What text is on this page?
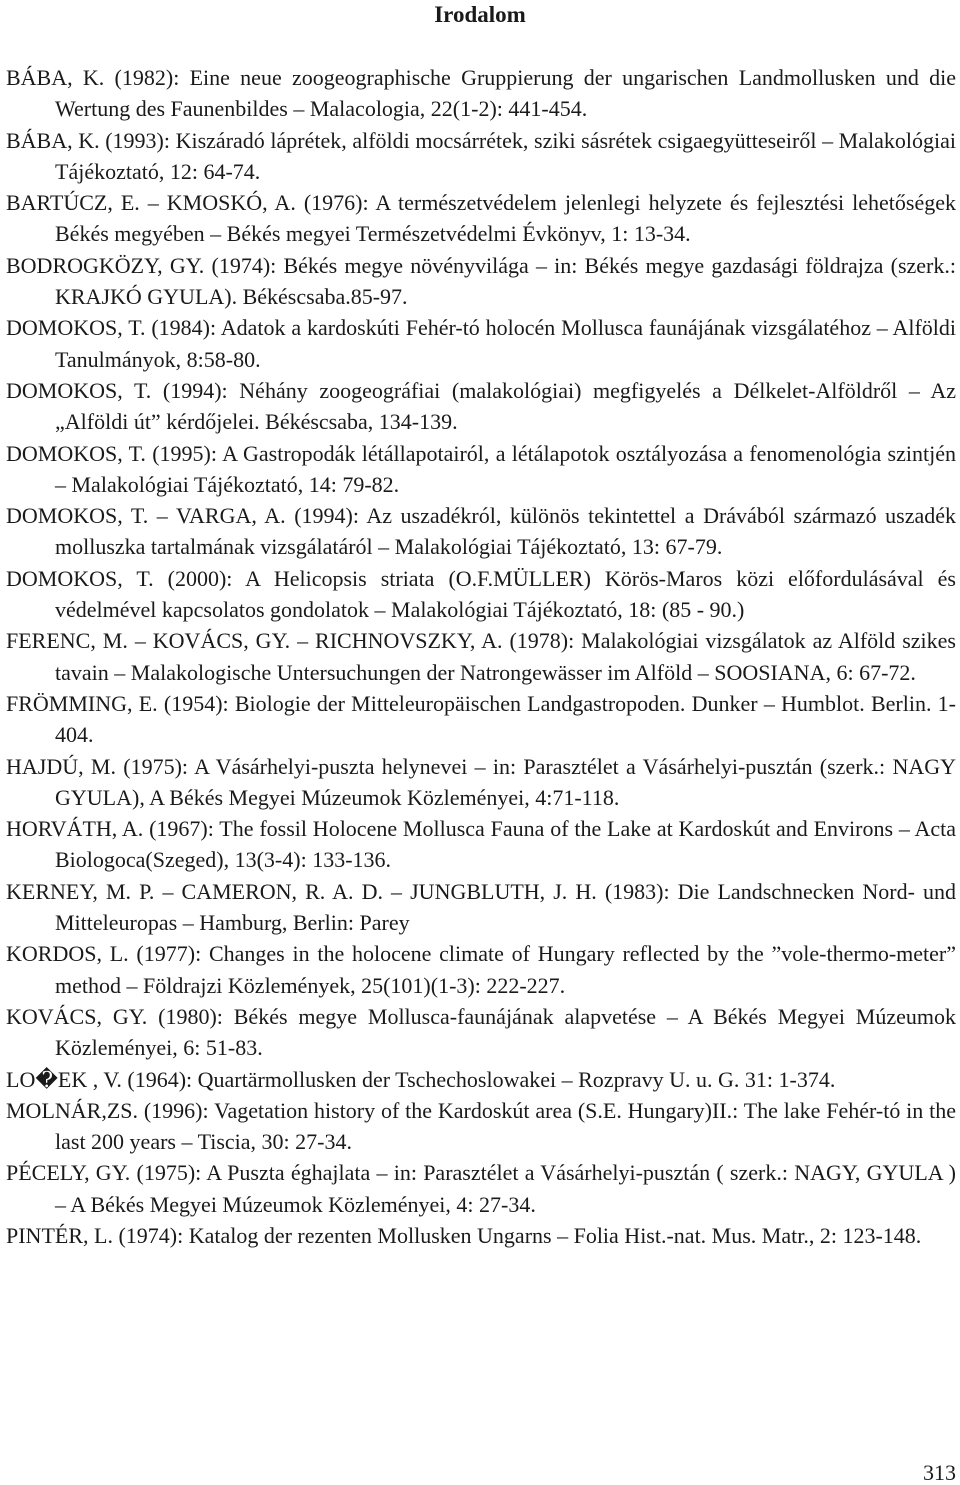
Irodalom
BÁBA, K. (1982): Eine neue zoogeographische Gruppierung der ungarischen Landmollusken und die Wertung des Faunenbildes – Malacologia, 22(1-2): 441-454.
BÁBA, K. (1993): Kiszáradó láprétek, alföldi mocsárrétek, sziki sásrétek csigaegyütteseiről – Malakológiai Tájékoztató, 12: 64-74.
BARTÚCZ, E. – KMOSKÓ, A. (1976): A természetvédelem jelenlegi helyzete és fejlesztési lehetőségek Békés megyében – Békés megyei Természetvédelmi Évkönyv, 1: 13-34.
BODROGKÖZY, GY. (1974): Békés megye növényvilága – in: Békés megye gazdasági földrajza (szerk.: KRAJKÓ GYULA). Békéscsaba.85-97.
DOMOKOS, T. (1984): Adatok a kardoskúti Fehér-tó holocén Mollusca faunájának vizsgálatéhoz – Alföldi Tanulmányok, 8:58-80.
DOMOKOS, T. (1994): Néhány zoogeográfiai (malakológiai) megfigyelés a Délkelet-Alföldről – Az „Alföldi út” kérdőjelei. Békéscsaba, 134-139.
DOMOKOS, T. (1995): A Gastropodák létállapotairól, a létálapotok osztályozása a fenomenológia szintjén – Malakológiai Tájékoztató, 14: 79-82.
DOMOKOS, T. – VARGA, A. (1994): Az uszadékról, különös tekintettel a Drávából származó uszadék molluszka tartalmának vizsgálatáról – Malakológiai Tájékoztató, 13: 67-79.
DOMOKOS, T. (2000): A Helicopsis striata (O.F.MÜLLER) Körös-Maros közi előfordulásával és védelmével kapcsolatos gondolatok – Malakológiai Tájékoztató, 18: (85 - 90.)
FERENC, M. – KOVÁCS, GY. – RICHNOVSZKY, A. (1978): Malakológiai vizsgálatok az Alföld szikes tavain – Malakologische Untersuchungen der Natrongewässer im Alföld – SOOSIANA, 6: 67-72.
FRÖMMING, E. (1954): Biologie der Mitteleuropäischen Landgastropoden. Dunker – Humblot. Berlin. 1-404.
HAJDÚ, M. (1975): A Vásárhelyi-puszta helynevei – in: Parasztélet a Vásárhelyi-pusztán (szerk.: NAGY GYULA), A Békés Megyei Múzeumok Közleményei, 4:71-118.
HORVÁTH, A. (1967): The fossil Holocene Mollusca Fauna of the Lake at Kardoskút and Environs – Acta Biologoca(Szeged), 13(3-4): 133-136.
KERNEY, M. P. – CAMERON, R. A. D. – JUNGBLUTH, J. H. (1983): Die Landschnecken Nord- und Mitteleuropas – Hamburg, Berlin: Parey
KORDOS, L. (1977): Changes in the holocene climate of Hungary reflected by the ”vole-thermo-meter” method – Földrajzi Közlemények, 25(101)(1-3): 222-227.
KOVÁCS, GY. (1980): Békés megye Mollusca-faunájának alapvetése – A Békés Megyei Múzeumok Közleményei, 6: 51-83.
LO�EK , V. (1964): Quartärmollusken der Tschechoslowakei – Rozpravy U. u. G. 31: 1-374.
MOLNÁR,ZS. (1996): Vagetation history of the Kardoskút area (S.E. Hungary)II.: The lake Fehér-tó in the last 200 years – Tiscia, 30: 27-34.
PÉCELY, GY. (1975): A Puszta éghajlata – in: Parasztélet a Vásárhelyi-pusztán ( szerk.: NAGY, GYULA ) – A Békés Megyei Múzeumok Közleményei, 4: 27-34.
PINTÉR, L. (1974): Katalog der rezenten Mollusken Ungarns – Folia Hist.-nat. Mus. Matr., 2: 123-148.
313
